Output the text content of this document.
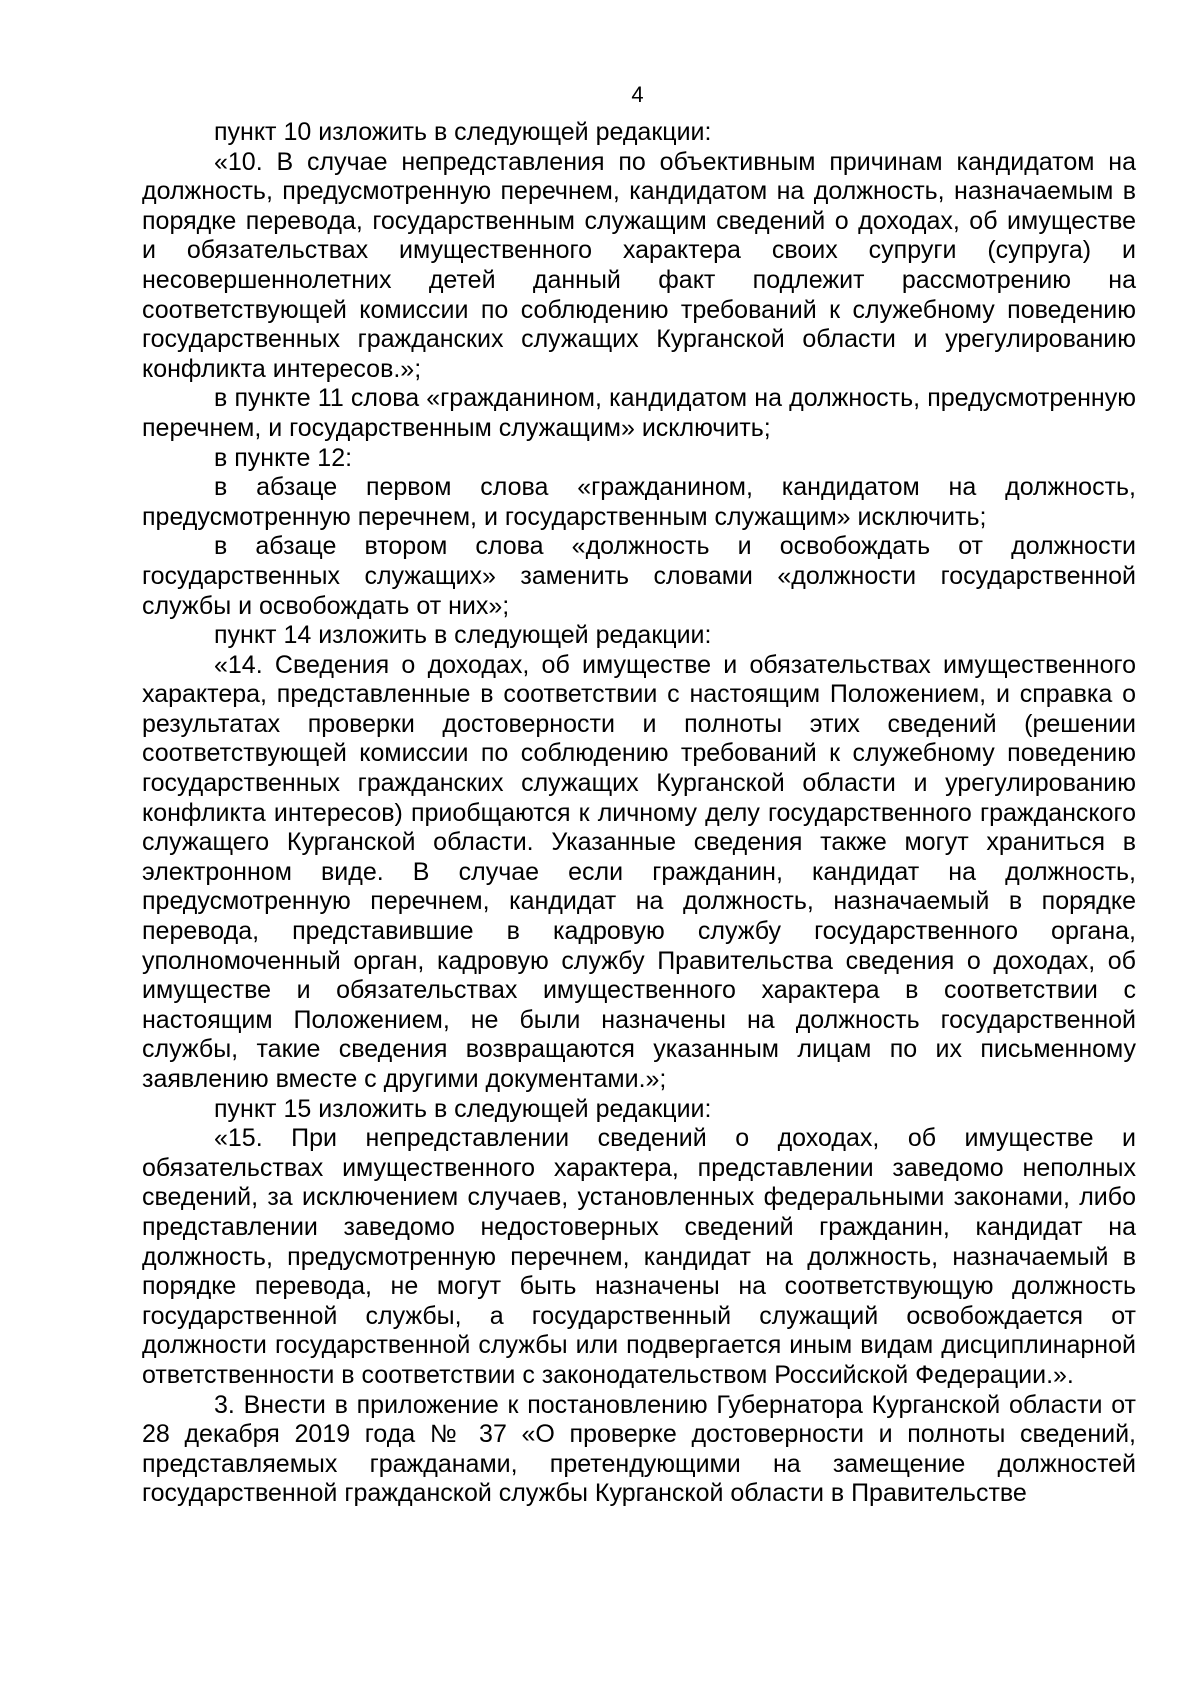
4

пункт 10 изложить в следующей редакции:

«10. В случае непредставления по объективным причинам кандидатом на должность, предусмотренную перечнем, кандидатом на должность, назначаемым в порядке перевода, государственным служащим сведений о доходах, об имуществе и обязательствах имущественного характера своих супруги (супруга) и несовершеннолетних детей данный факт подлежит рассмотрению на соответствующей комиссии по соблюдению требований к служебному поведению государственных гражданских служащих Курганской области и урегулированию конфликта интересов.»;

в пункте 11 слова «гражданином, кандидатом на должность, предусмотренную перечнем, и государственным служащим» исключить;

в пункте 12:

в абзаце первом слова «гражданином, кандидатом на должность, предусмотренную перечнем, и государственным служащим» исключить;

в абзаце втором слова «должность и освобождать от должности государственных служащих» заменить словами «должности государственной службы и освобождать от них»;

пункт 14 изложить в следующей редакции:

«14. Сведения о доходах, об имуществе и обязательствах имущественного характера, представленные в соответствии с настоящим Положением, и справка о результатах проверки достоверности и полноты этих сведений (решении соответствующей комиссии по соблюдению требований к служебному поведению государственных гражданских служащих Курганской области и урегулированию конфликта интересов) приобщаются к личному делу государственного гражданского служащего Курганской области. Указанные сведения также могут храниться в электронном виде. В случае если гражданин, кандидат на должность, предусмотренную перечнем, кандидат на должность, назначаемый в порядке перевода, представившие в кадровую службу государственного органа, уполномоченный орган, кадровую службу Правительства сведения о доходах, об имуществе и обязательствах имущественного характера в соответствии с настоящим Положением, не были назначены на должность государственной службы, такие сведения возвращаются указанным лицам по их письменному заявлению вместе с другими документами.»;

пункт 15 изложить в следующей редакции:

«15. При непредставлении сведений о доходах, об имуществе и обязательствах имущественного характера, представлении заведомо неполных сведений, за исключением случаев, установленных федеральными законами, либо представлении заведомо недостоверных сведений гражданин, кандидат на должность, предусмотренную перечнем, кандидат на должность, назначаемый в порядке перевода, не могут быть назначены на соответствующую должность государственной службы, а государственный служащий освобождается от должности государственной службы или подвергается иным видам дисциплинарной ответственности в соответствии с законодательством Российской Федерации.».

3. Внести в приложение к постановлению Губернатора Курганской области от 28 декабря 2019 года № 37 «О проверке достоверности и полноты сведений, представляемых гражданами, претендующими на замещение должностей государственной гражданской службы Курганской области в Правительстве
